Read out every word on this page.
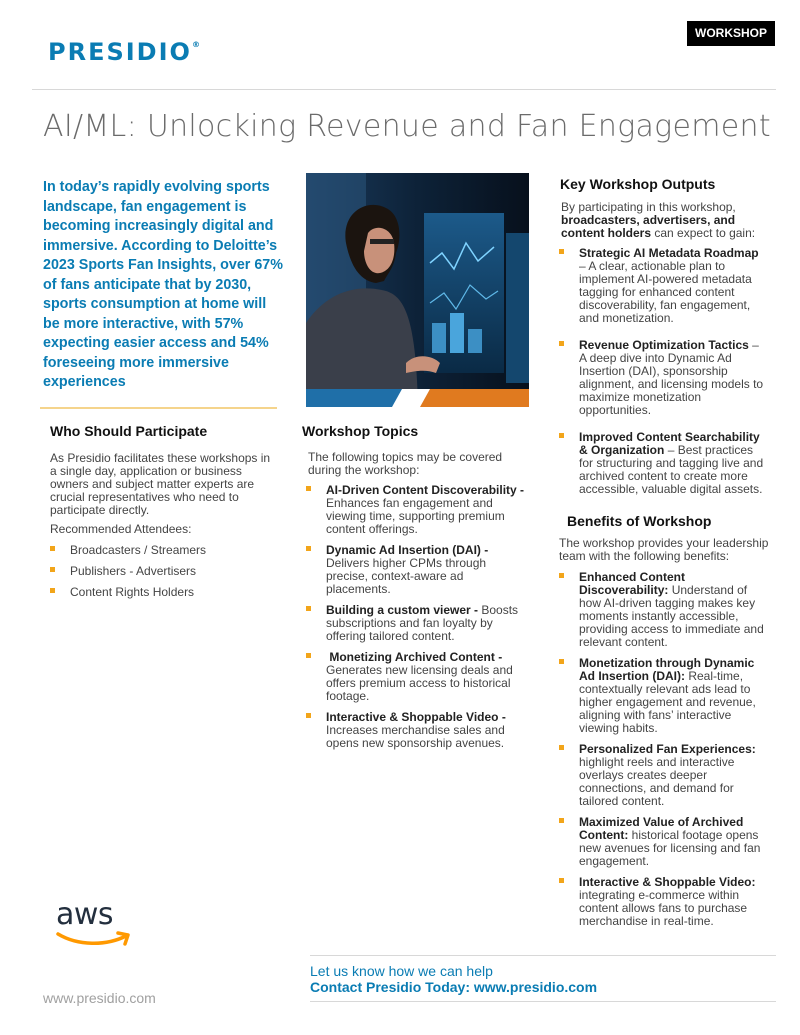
PRESIDIO®
WORKSHOP
AI/ML: Unlocking Revenue and Fan Engagement

In today’s rapidly evolving sports landscape, fan engagement is becoming increasingly digital and immersive. According to Deloitte’s 2023 Sports Fan Insights, over 67% of fans anticipate that by 2030, sports consumption at home will be more interactive, with 57% expecting easier access and 54% foreseeing more immersive experiences

Who Should Participate

As Presidio facilitates these workshops in a single day, application or business owners and subject matter experts are crucial representatives who need to participate directly.

Recommended Attendees:

Broadcasters / Streamers
Publishers - Advertisers
Content Rights Holders
Workshop Topics

The following topics may be covered during the workshop:

AI-Driven Content Discoverability - Enhances fan engagement and viewing time, supporting premium content offerings.
Dynamic Ad Insertion (DAI) - Delivers higher CPMs through precise, context-aware ad placements.
Building a custom viewer - Boosts subscriptions and fan loyalty by offering tailored content.
Monetizing Archived Content - Generates new licensing deals and offers premium access to historical footage.
Interactive & Shoppable Video - Increases merchandise sales and opens new sponsorship avenues.
Key Workshop Outputs

By participating in this workshop, broadcasters, advertisers, and content holders can expect to gain:

Strategic AI Metadata Roadmap – A clear, actionable plan to implement AI-powered metadata tagging for enhanced content discoverability, fan engagement, and monetization.
Revenue Optimization Tactics – A deep dive into Dynamic Ad Insertion (DAI), sponsorship alignment, and licensing models to maximize monetization opportunities.
Improved Content Searchability & Organization – Best practices for structuring and tagging live and archived content to create more accessible, valuable digital assets.
Benefits of Workshop

The workshop provides your leadership team with the following benefits:

Enhanced Content Discoverability: Understand of how AI-driven tagging makes key moments instantly accessible, providing access to immediate and relevant content.
Monetization through Dynamic Ad Insertion (DAI): Real-time, contextually relevant ads lead to higher engagement and revenue, aligning with fans’ interactive viewing habits.
Personalized Fan Experiences: highlight reels and interactive overlays creates deeper connections, and demand for tailored content.
Maximized Value of Archived Content: historical footage opens new avenues for licensing and fan engagement.
Interactive & Shoppable Video: integrating e-commerce within content allows fans to purchase merchandise in real-time.
aws
Let us know how we can help
Contact Presidio Today: www.presidio.com
www.presidio.com
